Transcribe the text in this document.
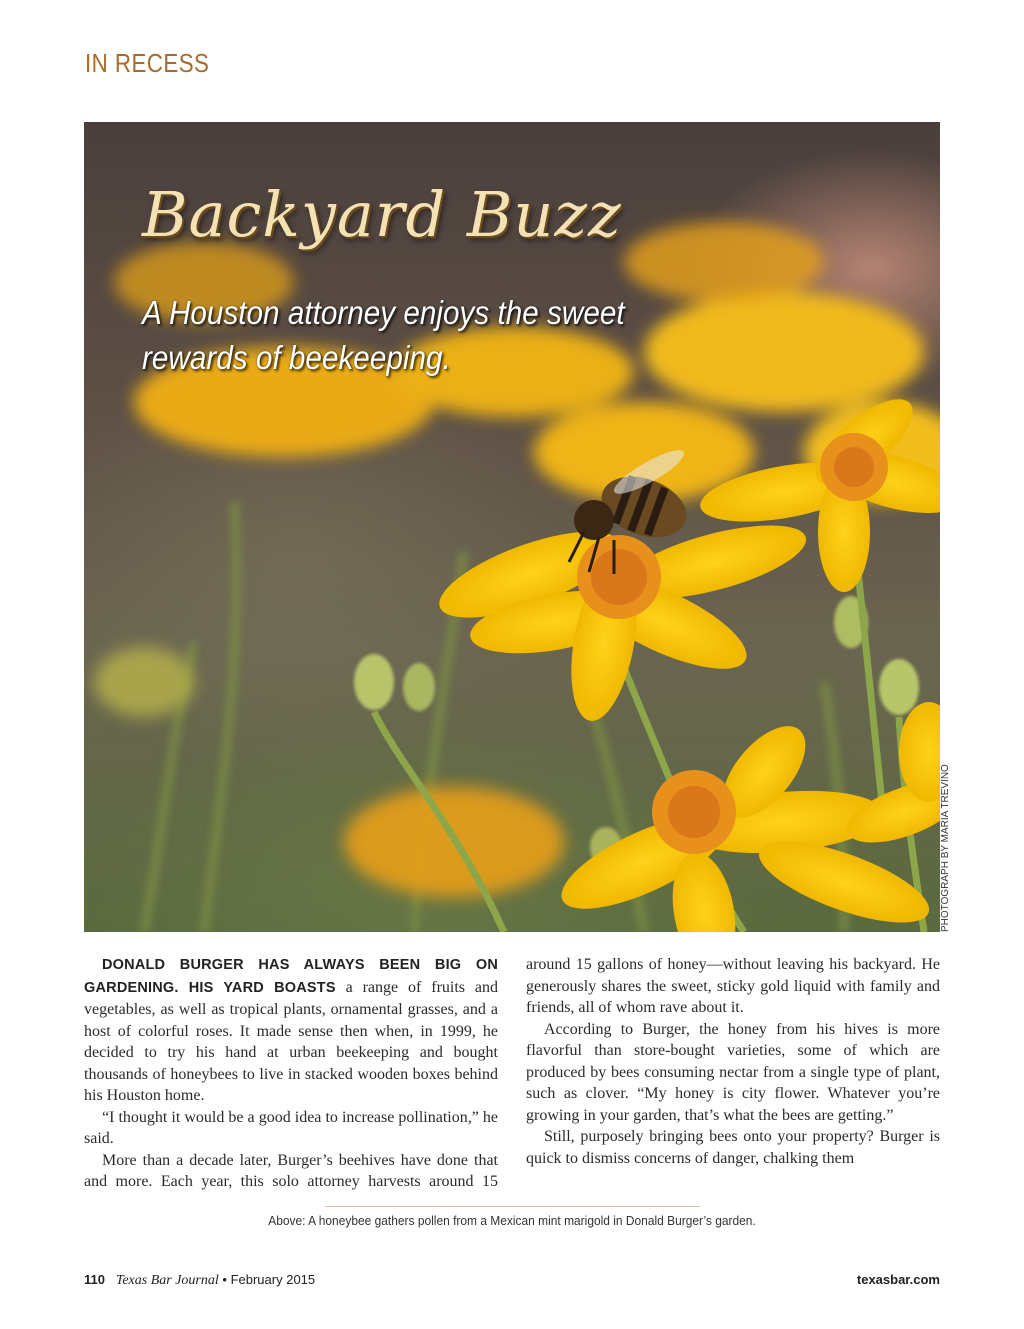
IN RECESS
Backyard Buzz
A Houston attorney enjoys the sweet rewards of beekeeping.
PHOTOGRAPH BY MARIA TREVINO

DONALD BURGER HAS ALWAYS BEEN BIG ON GARDENING. HIS YARD BOASTS a range of fruits and vegetables, as well as tropical plants, ornamental grasses, and a host of colorful roses. It made sense then when, in 1999, he decided to try his hand at urban beekeeping and bought thousands of honeybees to live in stacked wooden boxes behind his Houston home.

“I thought it would be a good idea to increase pollination,” he said.

More than a decade later, Burger’s beehives have done that and more. Each year, this solo attorney harvests around 15

around 15 gallons of honey—without leaving his backyard. He generously shares the sweet, sticky gold liquid with family and friends, all of whom rave about it.

According to Burger, the honey from his hives is more flavorful than store-bought varieties, some of which are produced by bees consuming nectar from a single type of plant, such as clover. “My honey is city flower. Whatever you’re growing in your garden, that’s what the bees are getting.”

Still, purposely bringing bees onto your property? Burger is quick to dismiss concerns of danger, chalking them

Above: A honeybee gathers pollen from a Mexican mint marigold in Donald Burger’s garden.
110 Texas Bar Journal • February 2015	texasbar.com
